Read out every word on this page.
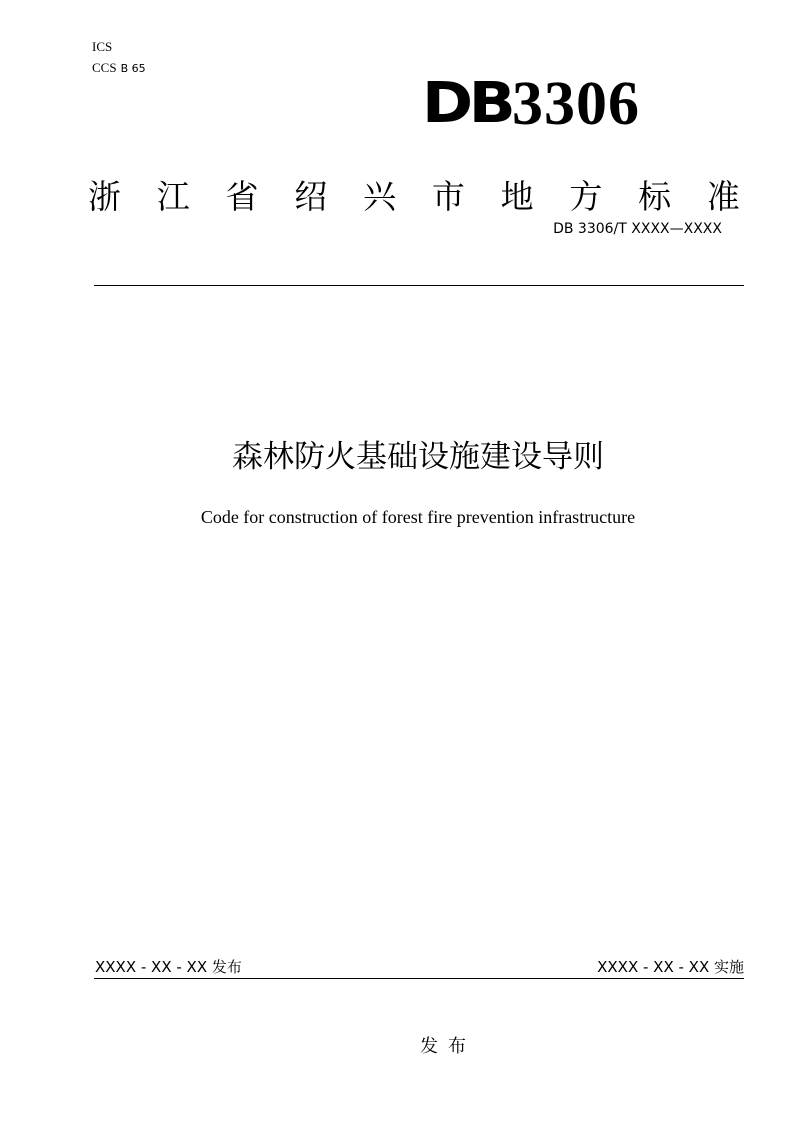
ICS
CCS B 65
DB 3306
浙 江 省 绍 兴 市 地 方 标 准
DB 3306/T XXXX—XXXX
森林防火基础设施建设导则
Code for construction of forest fire prevention infrastructure
XXXX - XX - XX 发布	XXXX - XX - XX 实施
发布
